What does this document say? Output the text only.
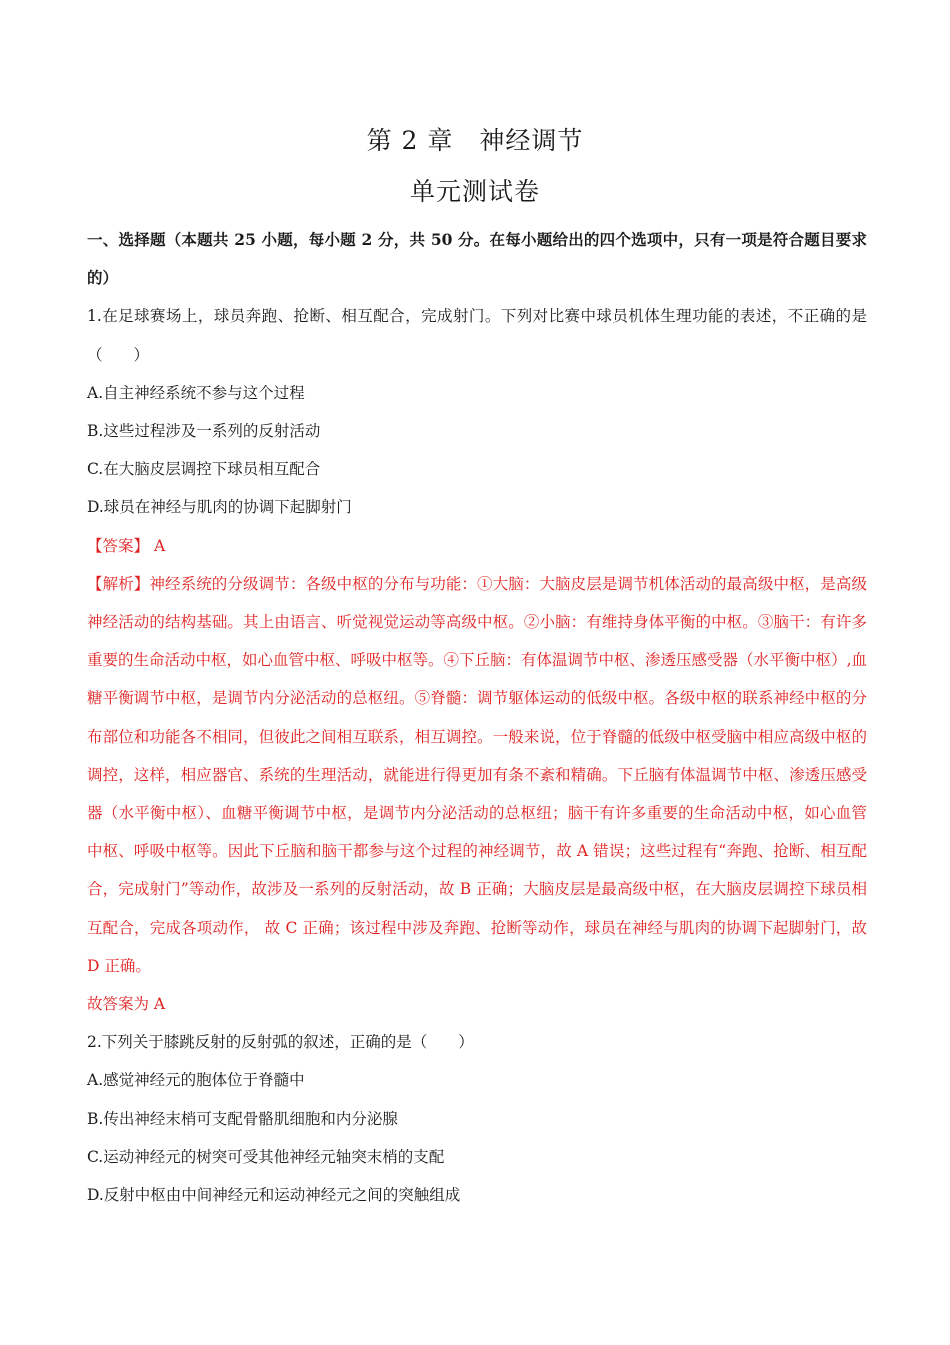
第 2 章　神经调节
单元测试卷
一、选择题（本题共 25 小题，每小题 2 分，共 50 分。在每小题给出的四个选项中，只有一项是符合题目要求的）
1.在足球赛场上，球员奔跑、抢断、相互配合，完成射门。下列对比赛中球员机体生理功能的表述，不正确的是（　　）
A.自主神经系统不参与这个过程
B.这些过程涉及一系列的反射活动
C.在大脑皮层调控下球员相互配合
D.球员在神经与肌肉的协调下起脚射门
【答案】 A
【解析】神经系统的分级调节：各级中枢的分布与功能：①大脑：大脑皮层是调节机体活动的最高级中枢，是高级神经活动的结构基础。其上由语言、听觉视觉运动等高级中枢。②小脑：有维持身体平衡的中枢。③脑干：有许多重要的生命活动中枢，如心血管中枢、呼吸中枢等。④下丘脑：有体温调节中枢、渗透压感受器（水平衡中枢）,血糖平衡调节中枢，是调节内分泌活动的总枢纽。⑤脊髓：调节躯体运动的低级中枢。各级中枢的联系神经中枢的分布部位和功能各不相同，但彼此之间相互联系，相互调控。一般来说，位于脊髓的低级中枢受脑中相应高级中枢的调控，这样，相应器官、系统的生理活动，就能进行得更加有条不紊和精确。下丘脑有体温调节中枢、渗透压感受器（水平衡中枢）、血糖平衡调节中枢，是调节内分泌活动的总枢纽；脑干有许多重要的生命活动中枢，如心血管中枢、呼吸中枢等。因此下丘脑和脑干都参与这个过程的神经调节，故 A 错误；这些过程有“奔跑、抢断、相互配合，完成射门”等动作，故涉及一系列的反射活动，故 B 正确；大脑皮层是最高级中枢，在大脑皮层调控下球员相互配合，完成各项动作， 故 C 正确；该过程中涉及奔跑、抢断等动作，球员在神经与肌肉的协调下起脚射门，故 D 正确。
故答案为 A
2.下列关于膝跳反射的反射弧的叙述，正确的是（　　）
A.感觉神经元的胞体位于脊髓中
B.传出神经末梢可支配骨骼肌细胞和内分泌腺
C.运动神经元的树突可受其他神经元轴突末梢的支配
D.反射中枢由中间神经元和运动神经元之间的突触组成
